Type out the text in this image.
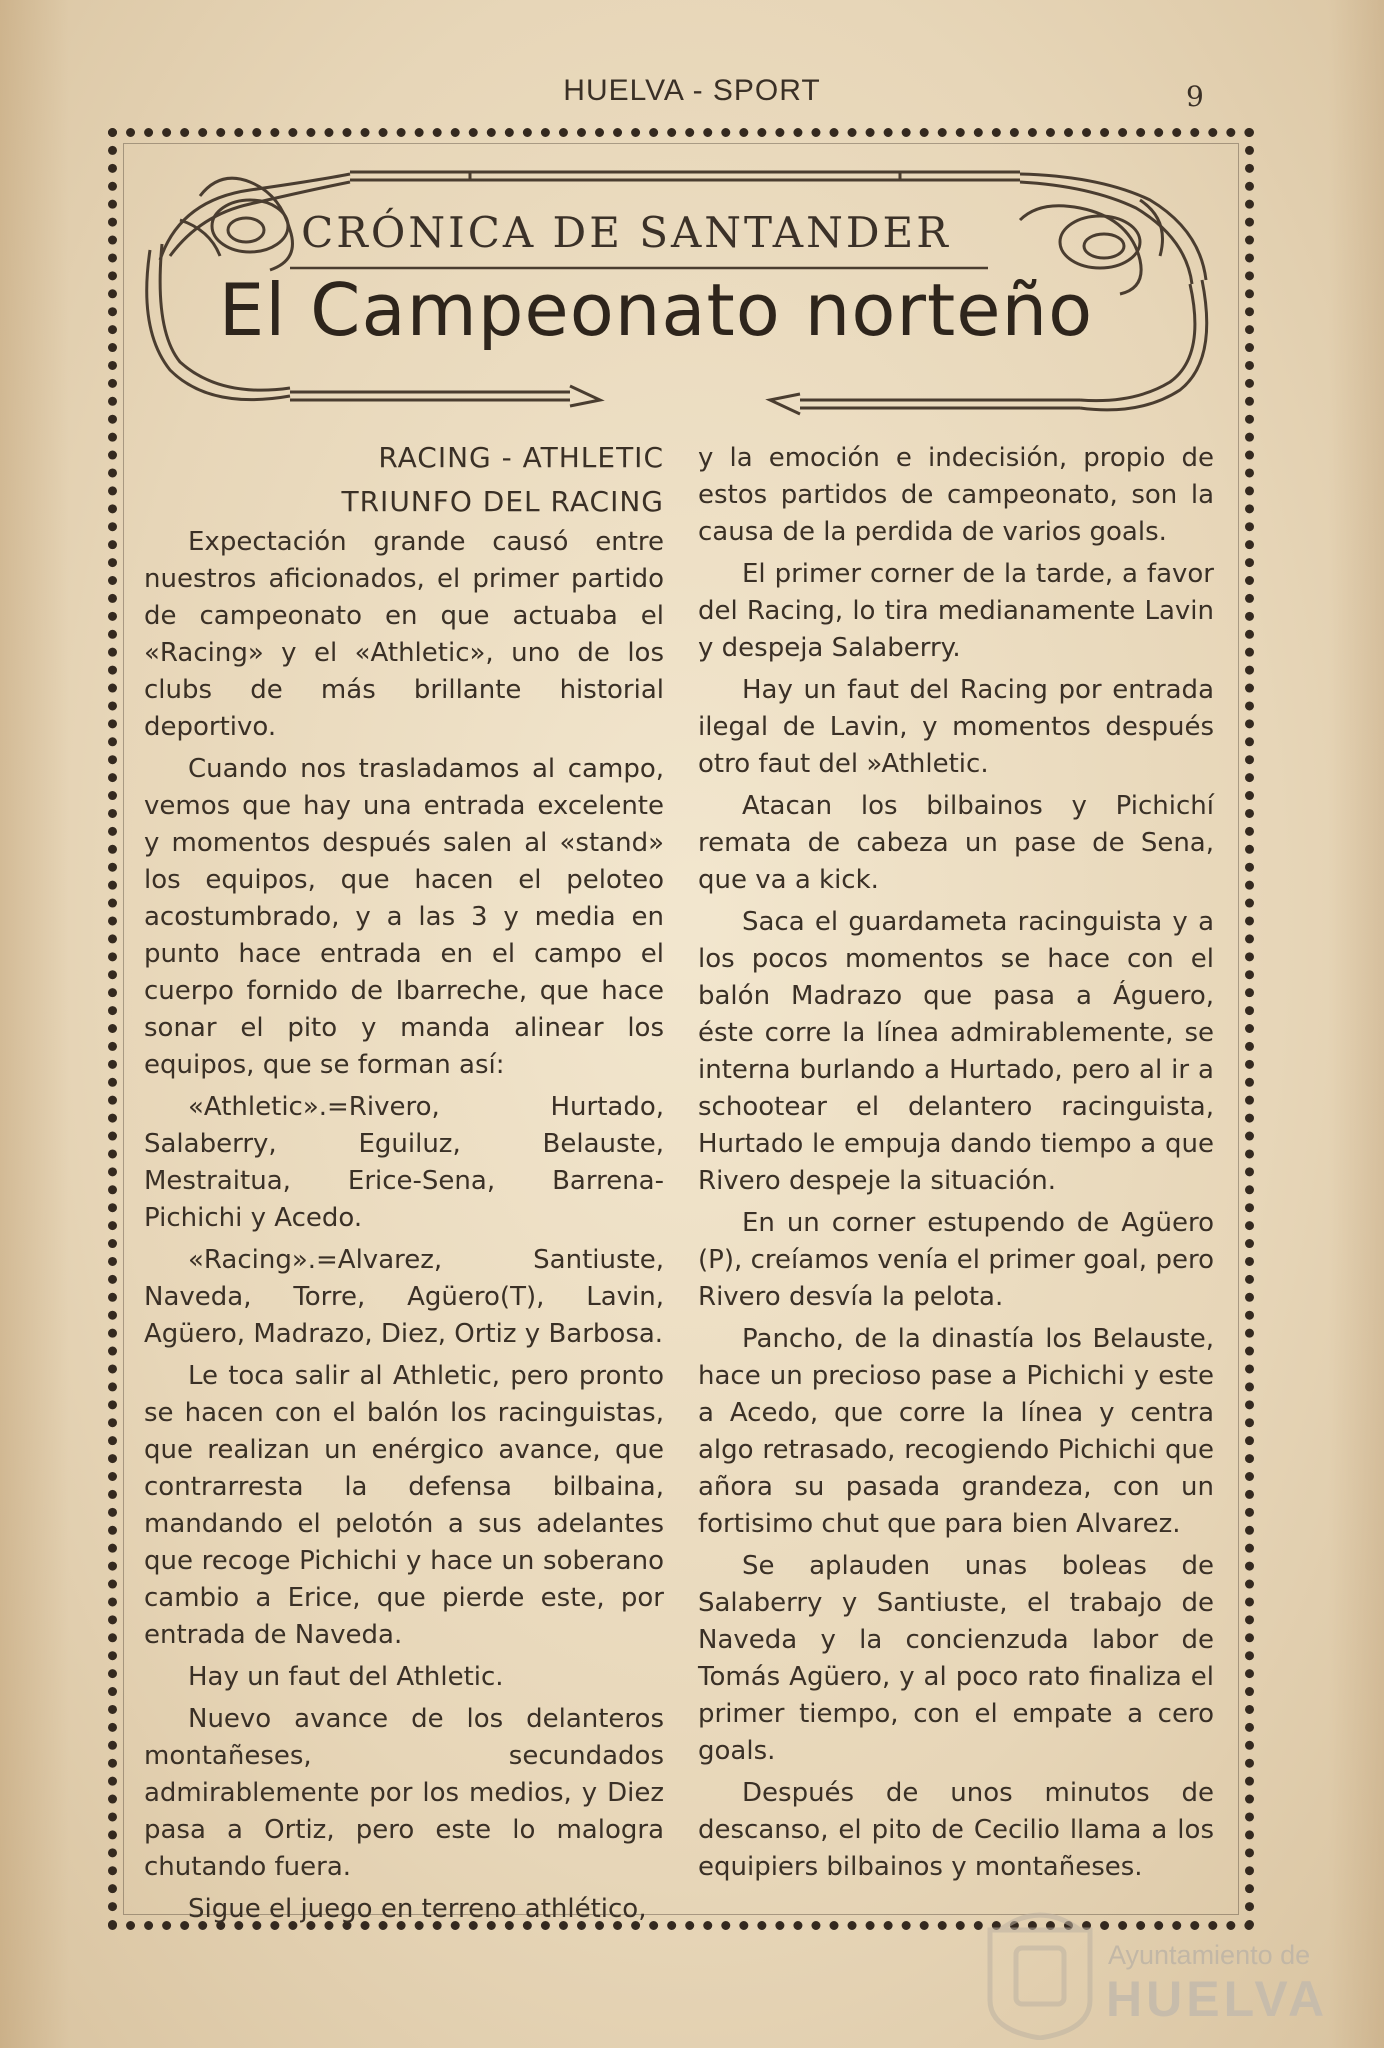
HUELVA - SPORT	9
CRÓNICA DE SANTANDER
El Campeonato norteño
RACING - ATHLETIC
TRIUNFO DEL RACING

Expectación grande causó entre nuestros aficionados, el primer partido de campeonato en que actuaba el «Racing» y el «Athletic», uno de los clubs de más brillante historial deportivo.

Cuando nos trasladamos al campo, vemos que hay una entrada excelente y momentos después salen al «stand» los equipos, que hacen el peloteo acostumbrado, y a las 3 y media en punto hace entrada en el campo el cuerpo fornido de Ibarreche, que hace sonar el pito y manda alinear los equipos, que se forman así:

«Athletic».=Rivero, Hurtado, Salaberry, Eguiluz, Belauste, Mestraitua, Erice-Sena, Barrena-Pichichi y Acedo.

«Racing».=Alvarez, Santiuste, Naveda, Torre, Agüero(T), Lavin, Agüero, Madrazo, Diez, Ortiz y Barbosa.

Le toca salir al Athletic, pero pronto se hacen con el balón los racinguistas, que realizan un enérgico avance, que contrarresta la defensa bilbaina, mandando el pelotón a sus adelantes que recoge Pichichi y hace un soberano cambio a Erice, que pierde este, por entrada de Naveda.

Hay un faut del Athletic.

Nuevo avance de los delanteros montañeses, secundados admirablemente por los medios, y Diez pasa a Ortiz, pero este lo malogra chutando fuera.

Sigue el juego en terreno athlético,

y la emoción e indecisión, propio de estos partidos de campeonato, son la causa de la perdida de varios goals.

El primer corner de la tarde, a favor del Racing, lo tira medianamente Lavin y despeja Salaberry.

Hay un faut del Racing por entrada ilegal de Lavin, y momentos después otro faut del »Athletic.

Atacan los bilbainos y Pichichí remata de cabeza un pase de Sena, que va a kick.

Saca el guardameta racinguista y a los pocos momentos se hace con el balón Madrazo que pasa a Águero, éste corre la línea admirablemente, se interna burlando a Hurtado, pero al ir a schootear el delantero racinguista, Hurtado le empuja dando tiempo a que Rivero despeje la situación.

En un corner estupendo de Agüero (P), creíamos venía el primer goal, pero Rivero desvía la pelota.

Pancho, de la dinastía los Belauste, hace un precioso pase a Pichichi y este a Acedo, que corre la línea y centra algo retrasado, recogiendo Pichichi que añora su pasada grandeza, con un fortisimo chut que para bien Alvarez.

Se aplauden unas boleas de Salaberry y Santiuste, el trabajo de Naveda y la concienzuda labor de Tomás Agüero, y al poco rato finaliza el primer tiempo, con el empate a cero goals.

Después de unos minutos de descanso, el pito de Cecilio llama a los equipiers bilbainos y montañeses.

Ayuntamiento de
HUELVA
